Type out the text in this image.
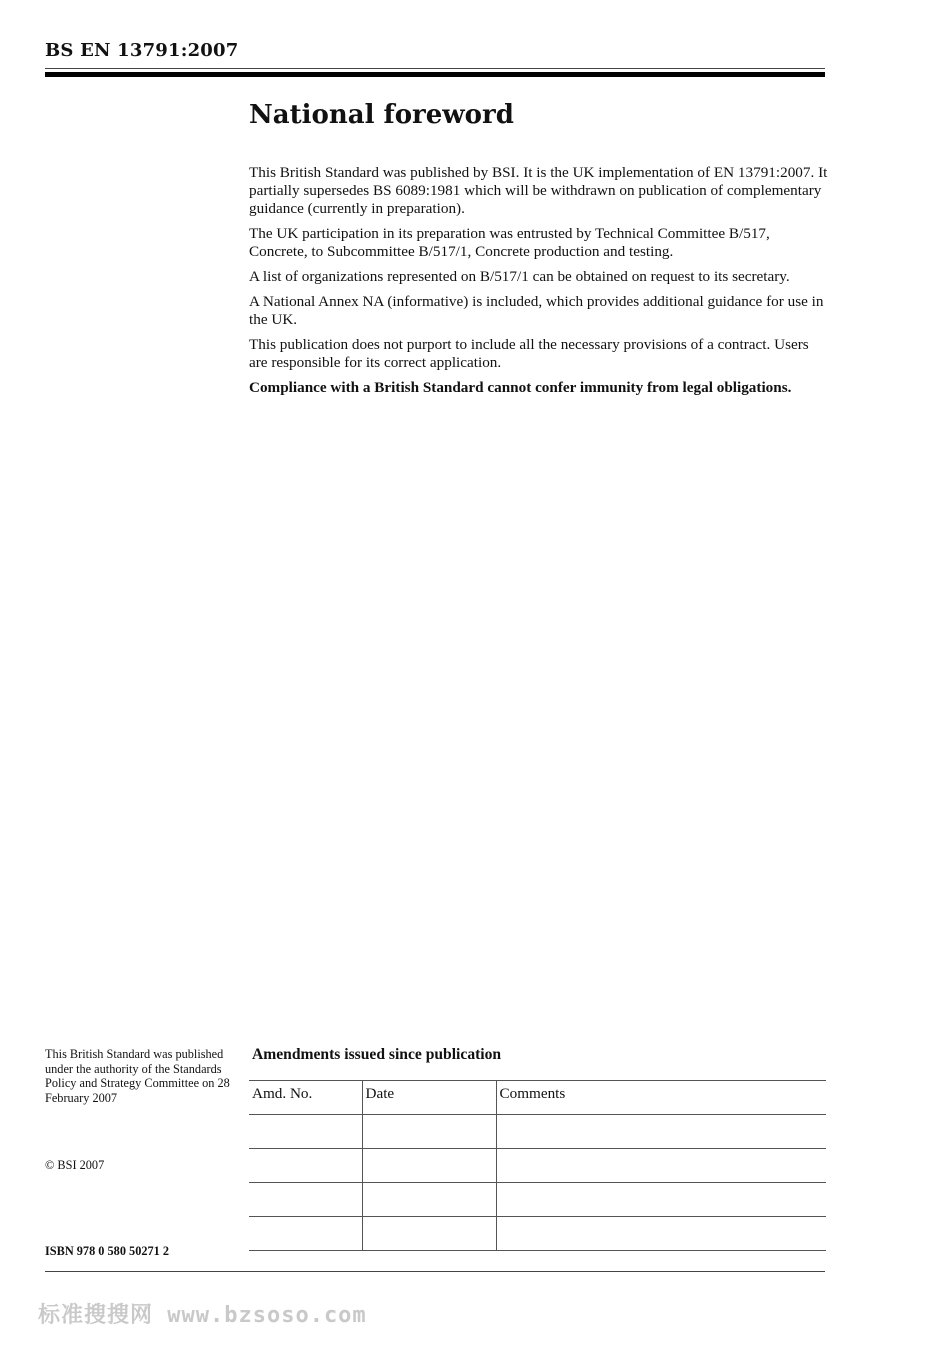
BS EN 13791:2007
National foreword

This British Standard was published by BSI. It is the UK implementation of EN 13791:2007. It partially supersedes BS 6089:1981 which will be withdrawn on publication of complementary guidance (currently in preparation).

The UK participation in its preparation was entrusted by Technical Committee B/517, Concrete, to Subcommittee B/517/1, Concrete production and testing.

A list of organizations represented on B/517/1 can be obtained on request to its secretary.

A National Annex NA (informative) is included, which provides additional guidance for use in the UK.

This publication does not purport to include all the necessary provisions of a contract. Users are responsible for its correct application.

Compliance with a British Standard cannot confer immunity from legal obligations.

This British Standard was published under the authority of the Standards Policy and Strategy Committee on 28 February 2007
© BSI 2007
ISBN 978 0 580 50271 2
Amendments issued since publication
Amd. No.	Date	Comments

标准搜搜网 www.bzsoso.com
